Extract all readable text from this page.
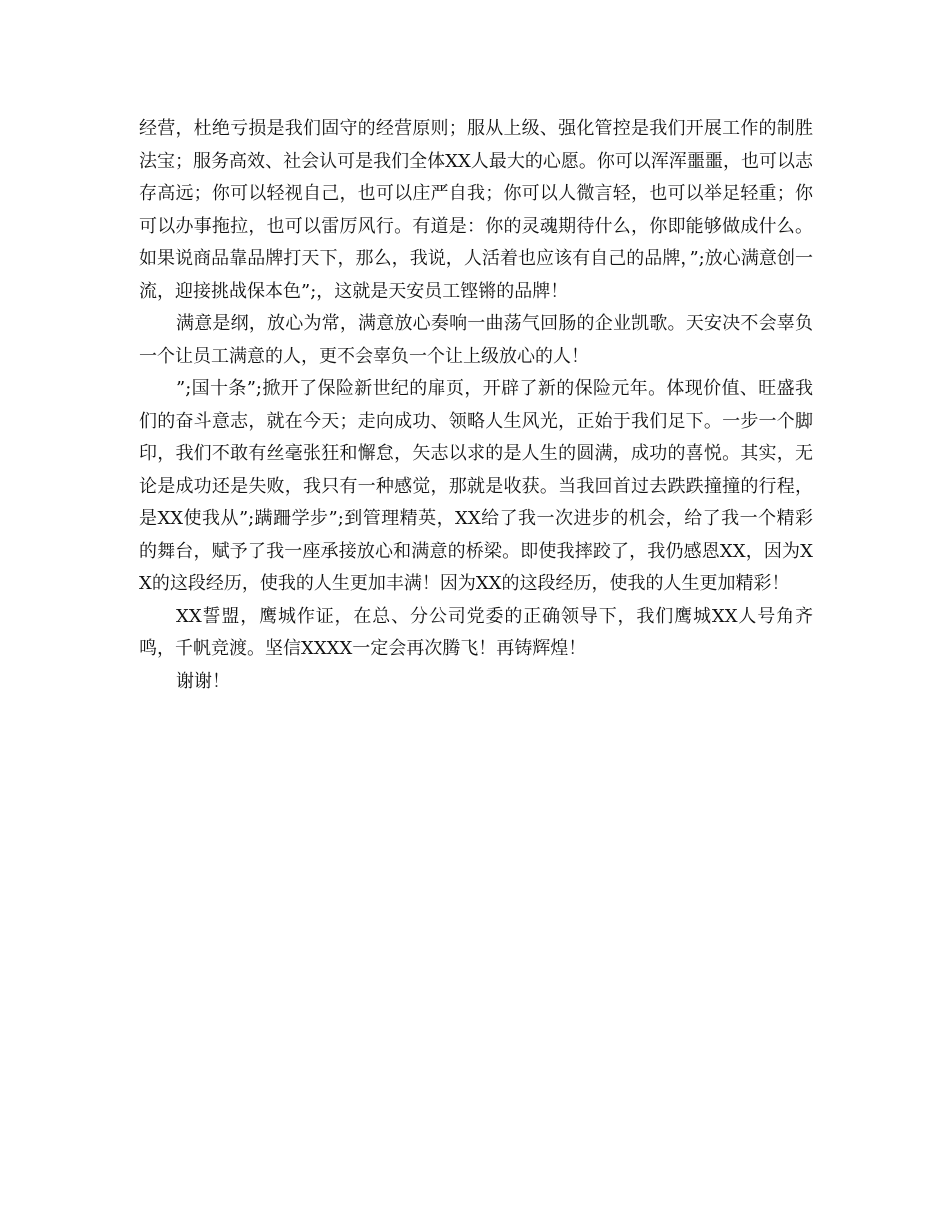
经营，杜绝亏损是我们固守的经营原则；服从上级、强化管控是我们开展工作的制胜法宝；服务高效、社会认可是我们全体XX人最大的心愿。你可以浑浑噩噩，也可以志存高远；你可以轻视自己，也可以庄严自我；你可以人微言轻，也可以举足轻重；你可以办事拖拉，也可以雷厉风行。有道是：你的灵魂期待什么，你即能够做成什么。如果说商品靠品牌打天下，那么，我说，人活着也应该有自己的品牌，”;放心满意创一流，迎接挑战保本色”;，这就是天安员工铿锵的品牌！

满意是纲，放心为常，满意放心奏响一曲荡气回肠的企业凯歌。天安决不会辜负一个让员工满意的人，更不会辜负一个让上级放心的人！

”;国十条”;掀开了保险新世纪的扉页，开辟了新的保险元年。体现价值、旺盛我们的奋斗意志，就在今天；走向成功、领略人生风光，正始于我们足下。一步一个脚印，我们不敢有丝毫张狂和懈怠，矢志以求的是人生的圆满，成功的喜悦。其实，无论是成功还是失败，我只有一种感觉，那就是收获。当我回首过去跌跌撞撞的行程，是XX使我从”;蹒跚学步”;到管理精英，XX给了我一次进步的机会，给了我一个精彩的舞台，赋予了我一座承接放心和满意的桥梁。即使我摔跤了，我仍感恩XX，因为XX的这段经历，使我的人生更加丰满！因为XX的这段经历，使我的人生更加精彩！

XX誓盟，鹰城作证，在总、分公司党委的正确领导下，我们鹰城XX人号角齐鸣，千帆竞渡。坚信XXXX一定会再次腾飞！再铸辉煌！

谢谢！
